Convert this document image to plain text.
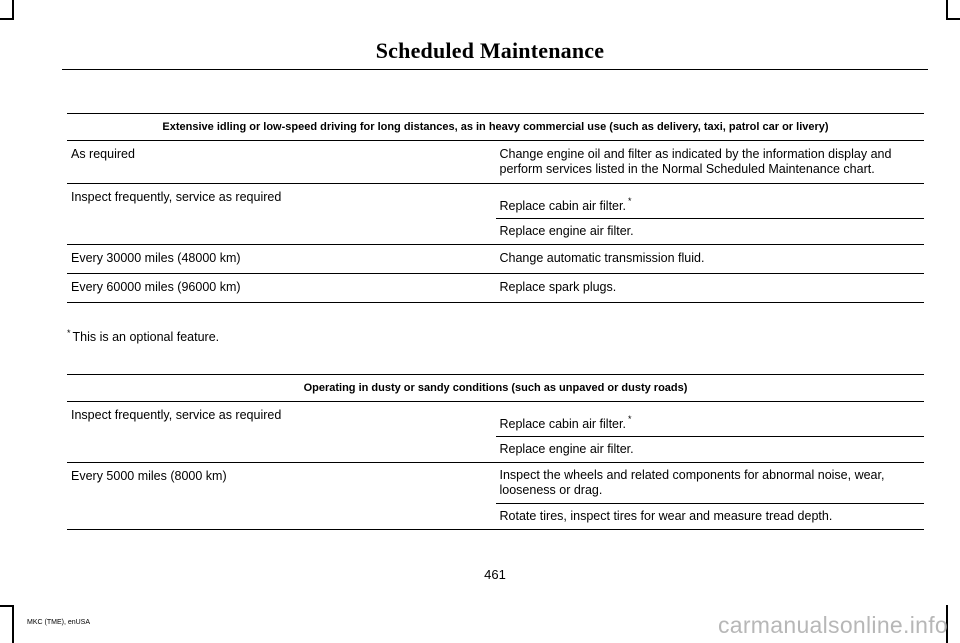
Scheduled Maintenance
Extensive idling or low-speed driving for long distances, as in heavy commercial use (such as delivery, taxi, patrol car or livery)	
As required	Change engine oil and filter as indicated by the information display and perform services listed in the Normal Scheduled Maintenance chart.
Inspect frequently, service as required	Replace cabin air filter. *
	Replace engine air filter.
Every 30000 miles (48000 km)	Change automatic transmission fluid.
Every 60000 miles (96000 km)	Replace spark plugs.
* This is an optional feature.
Operating in dusty or sandy conditions (such as unpaved or dusty roads)	
Inspect frequently, service as required	Replace cabin air filter. *
	Replace engine air filter.
Every 5000 miles (8000 km)	Inspect the wheels and related components for abnormal noise, wear, looseness or drag.
	Rotate tires, inspect tires for wear and measure tread depth.
461
MKC (TME), enUSA	carmanualsonline.info
